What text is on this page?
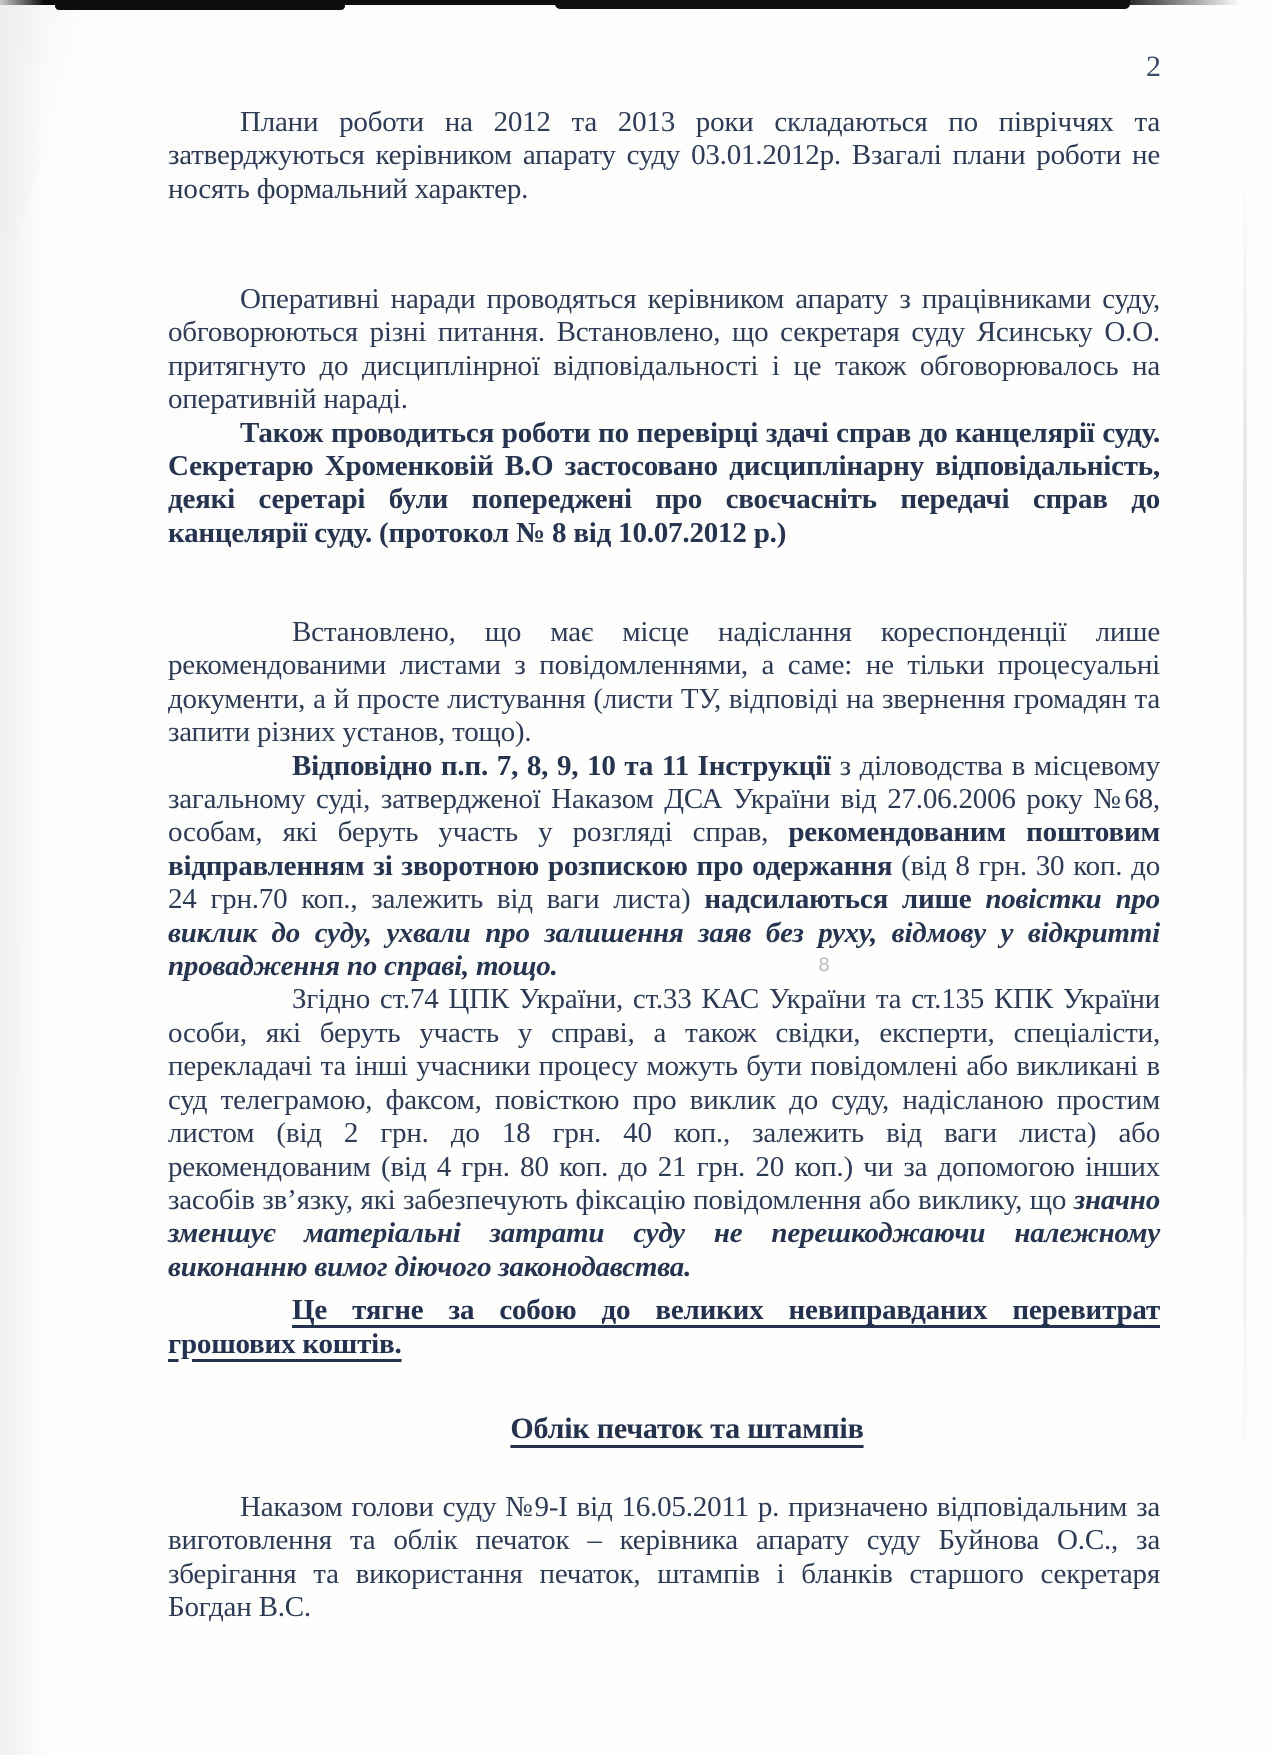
2

Плани роботи на 2012 та 2013 роки складаються по півріччях та затверджуються керівником апарату суду 03.01.2012р. Взагалі плани роботи не носять формальний характер.

Оперативні наради проводяться керівником апарату з працівниками суду, обговорюються різні питання. Встановлено, що секретаря суду Ясинську О.О. притягнуто до дисциплінрної відповідальності і це також обговорювалось на оперативній нараді.

Також проводиться роботи по перевірці здачі справ до канцелярії суду. Секретарю Хроменковій В.О застосовано дисциплінарну відповідальність, деякі серетарі були попереджені про своєчасніть передачі справ до канцелярії суду. (протокол № 8 від 10.07.2012 р.)

Встановлено, що має місце надіслання кореспонденції лише рекомендованими листами з повідомленнями, а саме: не тільки процесуальні документи, а й просте листування (листи ТУ, відповіді на звернення громадян та запити різних установ, тощо).

Відповідно п.п. 7, 8, 9, 10 та 11 Інструкції з діловодства в місцевому загальному суді, затвердженої Наказом ДСА України від 27.06.2006 року №68, особам, які беруть участь у розгляді справ, рекомендованим поштовим відправленням зі зворотною розпискою про одержання (від 8 грн. 30 коп. до 24 грн.70 коп., залежить від ваги листа) надсилаються лише повістки про виклик до суду, ухвали про залишення заяв без руху, відмову у відкритті провадження по справі, тощо.

Згідно ст.74 ЦПК України, ст.33 КАС України та ст.135 КПК України особи, які беруть участь у справі, а також свідки, експерти, спеціалісти, перекладачі та інші учасники процесу можуть бути повідомлені або викликані в суд телеграмою, факсом, повісткою про виклик до суду, надісланою простим листом (від 2 грн. до 18 грн. 40 коп., залежить від ваги листа) або рекомендованим (від 4 грн. 80 коп. до 21 грн. 20 коп.) чи за допомогою інших засобів зв’язку, які забезпечують фіксацію повідомлення або виклику, що значно зменшує матеріальні затрати суду не перешкоджаючи належному виконанню вимог діючого законодавства.

Це тягне за собою до великих невиправданих перевитрат грошових коштів.

Облік печаток та штампів

Наказом голови суду №9-І від 16.05.2011 р. призначено відповідальним за виготовлення та облік печаток – керівника апарату суду Буйнова О.С., за зберігання та використання печаток, штампів і бланків старшого секретаря Богдан В.С.

8
